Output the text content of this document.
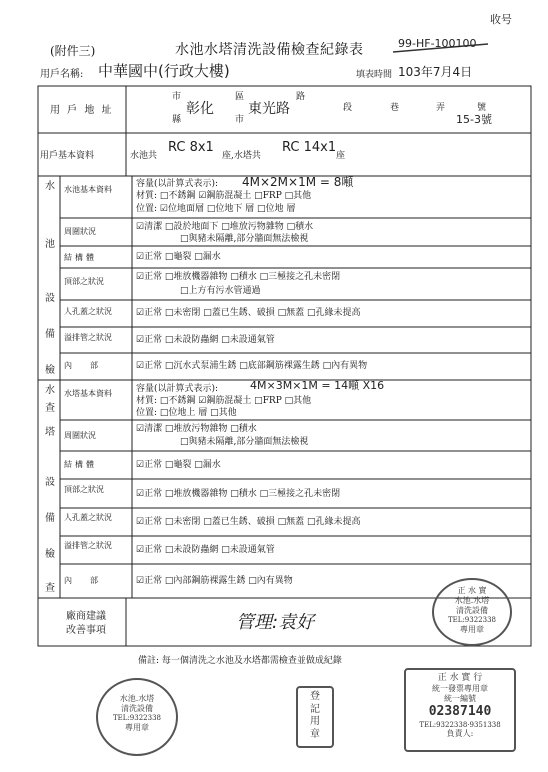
收号
(附件三)	水池水塔清洗設備檢查紀錄表	99-HF-100100
用戶名稱: 中華國中(行政大樓)	填表時間 103年7月4日
用 戶 地 址
市
縣
彰化
區
市
東光路
路
段	巷	弄	號
15-3號
用戶基本資料	水池共
RC 8x1
座,水塔共
RC 14x1
座
水
池
設
備
檢
查
水池基本資料
容量(以計算式表示): 4M×2M×1M = 8噸
材質: □不銹鋼 ☑鋼筋混凝土 □FRP □其他
位置: ☑位地面層 □位地下 層 □位地 層
周圍狀況	☑清潔 □設於地面下 □堆放污物雜物 □積水
□與豬未隔離,部分牆面無法檢視
結構體	☑正常 □龜裂 □漏水
頂部之狀況	☑正常 □堆放機器雜物 □積水 □三極接之孔未密閉
□上方有污水管通過
人孔蓋之狀況	☑正常 □未密閉 □蓋已生銹、破損 □無蓋 □孔緣未提高
溢排管之狀況	☑正常 □未設防蟲網 □未設通氣管
內部 ☑正常 □沉水式泵浦生銹 □底部鋼筋裸露生銹 □內有異物
水
塔
設
備
檢
查
水塔基本資料	容量(以計算式表示):	4M×3M×1M = 14噸 X16
材質: □不銹鋼 ☑鋼筋混凝土 □FRP □其他
位置: □位地上 層 □其他
周圍狀況
☑清潔 □堆放污物雜物 □積水
□與豬未隔離,部分牆面無法檢視
結構體	☑正常 □龜裂 □漏水
頂部之狀況	☑正常 □堆放機器雜物 □積水 □三極接之孔未密閉
人孔蓋之狀況	☑正常 □未密閉 □蓋已生銹、破損 □無蓋 □孔緣未提高
溢排管之狀況	☑正常 □未設防蟲網 □未設通氣管
內部 ☑正常 □內部鋼筋裸露生銹 □內有異物
廠商建議
改善事項	管理:袁好
備註: 每一個清洗之水池及水塔都需檢查並做成紀錄
正 水 實
水池.水塔
清洗設備
TEL:9322338
專用章
水池.水塔
清洗設備
TEL:9322338
專用章
登
記
用
章
正 水 實 行
統一發票專用章
統一編號
02387140
TEL:9322338·9351338
負責人:
